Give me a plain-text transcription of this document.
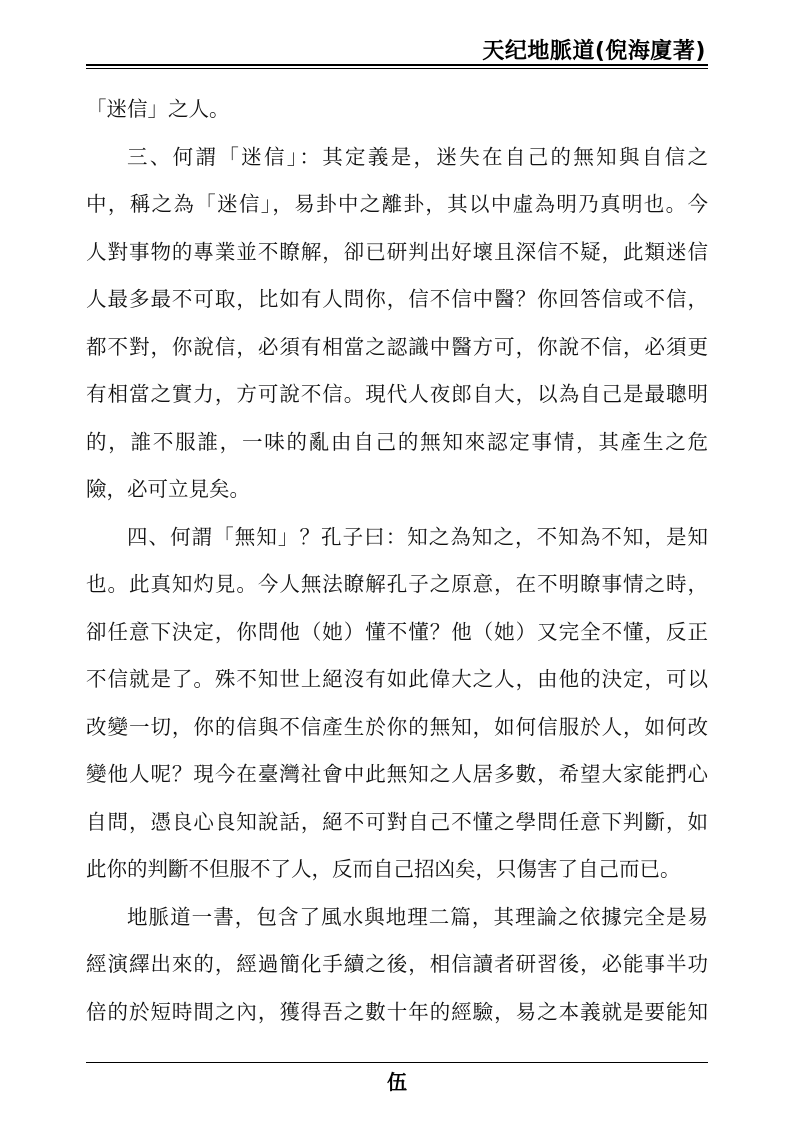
天纪地脈道(倪海廈著)
「迷信」之人。
三、何謂「迷信」：其定義是，迷失在自己的無知與自信之
中，稱之為「迷信」，易卦中之離卦，其以中虛為明乃真明也。今
人對事物的專業並不瞭解，卻已研判出好壞且深信不疑，此類迷信
人最多最不可取，比如有人問你，信不信中醫？你回答信或不信，
都不對，你說信，必須有相當之認識中醫方可，你說不信，必須更
有相當之實力，方可說不信。現代人夜郎自大，以為自己是最聰明
的，誰不服誰，一味的亂由自己的無知來認定事情，其產生之危
險，必可立見矣。
四、何謂「無知」？孔子曰：知之為知之，不知為不知，是知
也。此真知灼見。今人無法瞭解孔子之原意，在不明瞭事情之時，
卻任意下決定，你問他（她）懂不懂？他（她）又完全不懂，反正
不信就是了。殊不知世上絕沒有如此偉大之人，由他的決定，可以
改變一切，你的信與不信產生於你的無知，如何信服於人，如何改
變他人呢？現今在臺灣社會中此無知之人居多數，希望大家能捫心
自問，憑良心良知說話，絕不可對自己不懂之學問任意下判斷，如
此你的判斷不但服不了人，反而自己招凶矣，只傷害了自己而已。
地脈道一書，包含了風水與地理二篇，其理論之依據完全是易
經演繹出來的，經過簡化手續之後，相信讀者研習後，必能事半功
倍的於短時間之內，獲得吾之數十年的經驗，易之本義就是要能知
伍
